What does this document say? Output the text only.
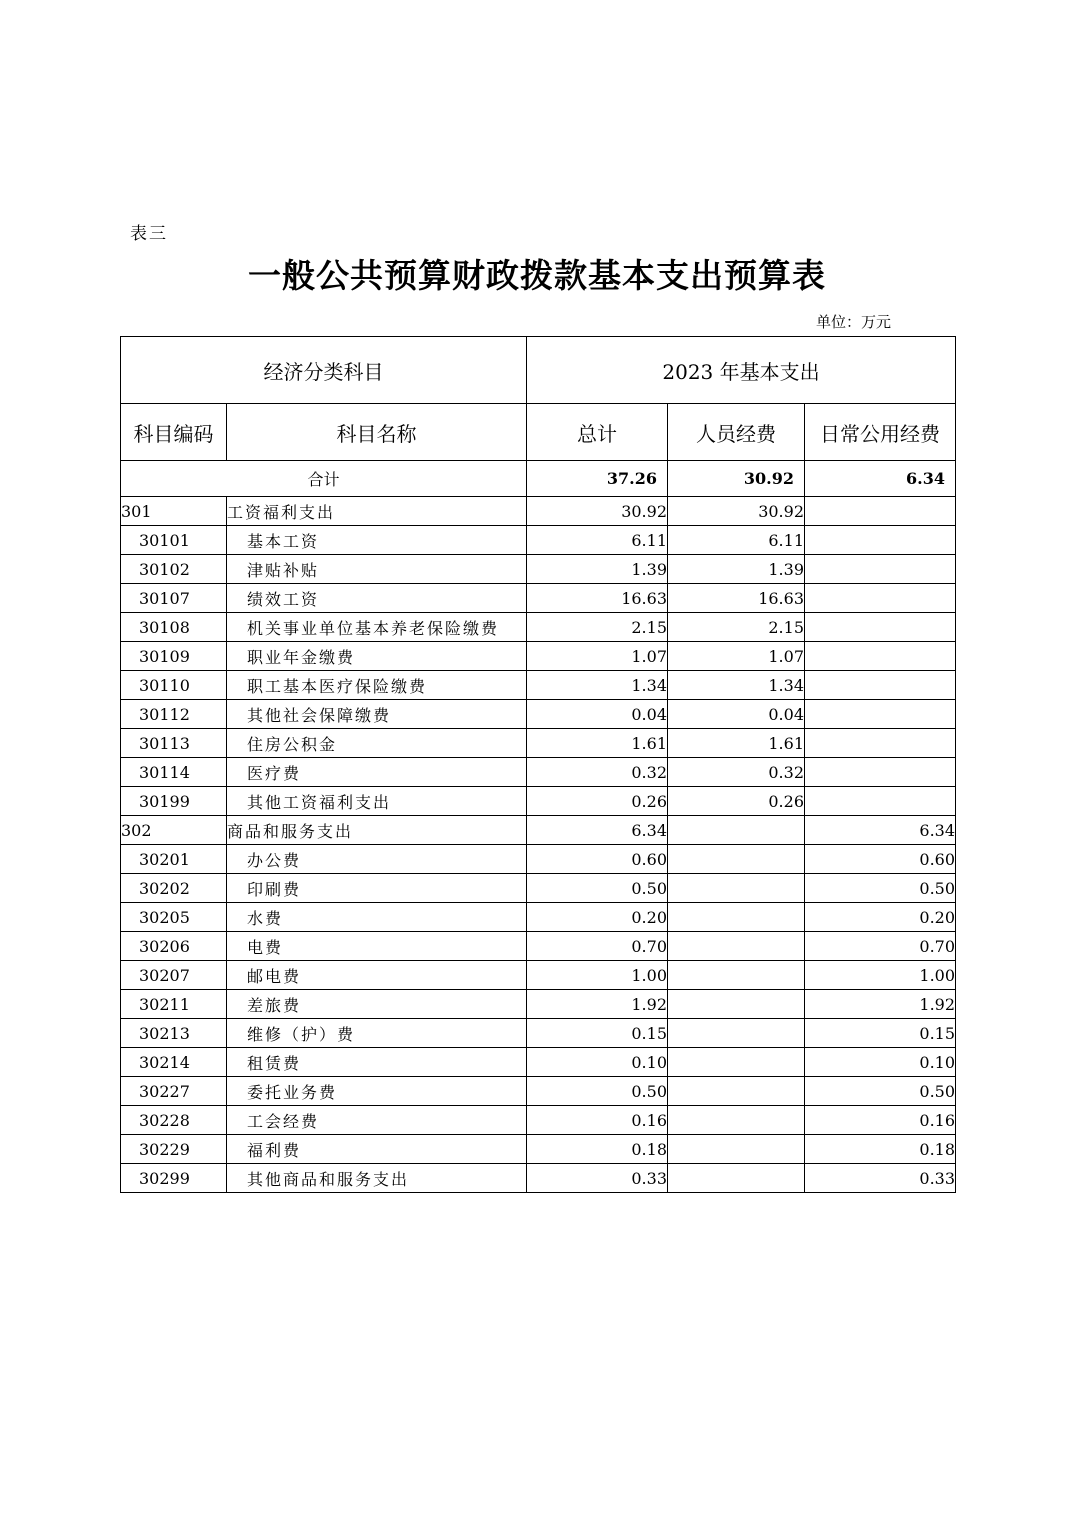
表三
一般公共预算财政拨款基本支出预算表
单位：万元
经济分类科目		2023 年基本支出		
科目编码	科目名称	总计	人员经费	日常公用经费
合计		37.26	30.92	6.34
301	工资福利支出	30.92	30.92	
30101	基本工资	6.11	6.11	
30102	津贴补贴	1.39	1.39	
30107	绩效工资	16.63	16.63	
30108	机关事业单位基本养老保险缴费	2.15	2.15	
30109	职业年金缴费	1.07	1.07	
30110	职工基本医疗保险缴费	1.34	1.34	
30112	其他社会保障缴费	0.04	0.04	
30113	住房公积金	1.61	1.61	
30114	医疗费	0.32	0.32	
30199	其他工资福利支出	0.26	0.26	
302	商品和服务支出	6.34		6.34
30201	办公费	0.60		0.60
30202	印刷费	0.50		0.50
30205	水费	0.20		0.20
30206	电费	0.70		0.70
30207	邮电费	1.00		1.00
30211	差旅费	1.92		1.92
30213	维修（护）费	0.15		0.15
30214	租赁费	0.10		0.10
30227	委托业务费	0.50		0.50
30228	工会经费	0.16		0.16
30229	福利费	0.18		0.18
30299	其他商品和服务支出	0.33		0.33
